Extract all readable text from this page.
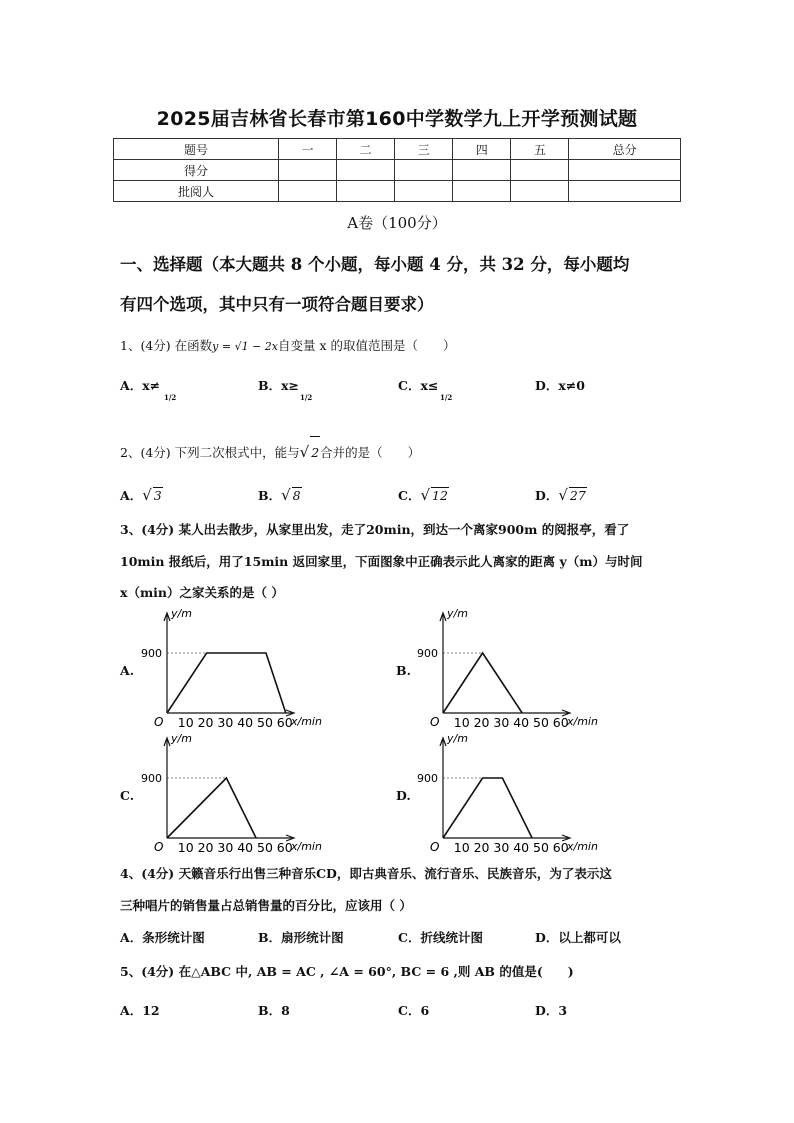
2025届吉林省长春市第160中学数学九上开学预测试题
题号	一	二	三	四	五	总分
得分						
批阅人						
A卷（100分）
一、选择题（本大题共 8 个小题，每小题 4 分，共 32 分，每小题均
有四个选项，其中只有一项符合题目要求）
1、(4分) 在函数y = √1 − 2x自变量 x 的取值范围是（　　）
A．x≠
1/2
B．x≥
1/2
C．x≤
1/2
D．x≠0
2、(4分) 下列二次根式中，能与√ 2合并的是（　　）
A．√ 3	B．√ 8	C．√ 12	D．√ 27
3、(4分) 某人出去散步，从家里出发，走了20min，到达一个离家900m 的阅报亭，看了
10min 报纸后，用了15min 返回家里，下面图象中正确表示此人离家的距离 y（m）与时间
x（min）之家关系的是（ ）
A.	B.
C.	D.
y/m
x/min
O 10 20 30 40 50 60
900
y/m
x/min
O 10 20 30 40 50 60
900
y/m
x/min
O 10 20 30 40 50 60
900
y/m
x/min
O 10 20 30 40 50 60
900
4、(4分) 天籁音乐行出售三种音乐CD，即古典音乐、流行音乐、民族音乐，为了表示这
三种唱片的销售量占总销售量的百分比，应该用（ ）
A．条形统计图	B．扇形统计图	C．折线统计图	D．以上都可以
5、(4分) 在△ABC 中, AB = AC , ∠A = 60°, BC = 6 ,则 AB 的值是(　　)
A．12	B．8	C．6	D．3
